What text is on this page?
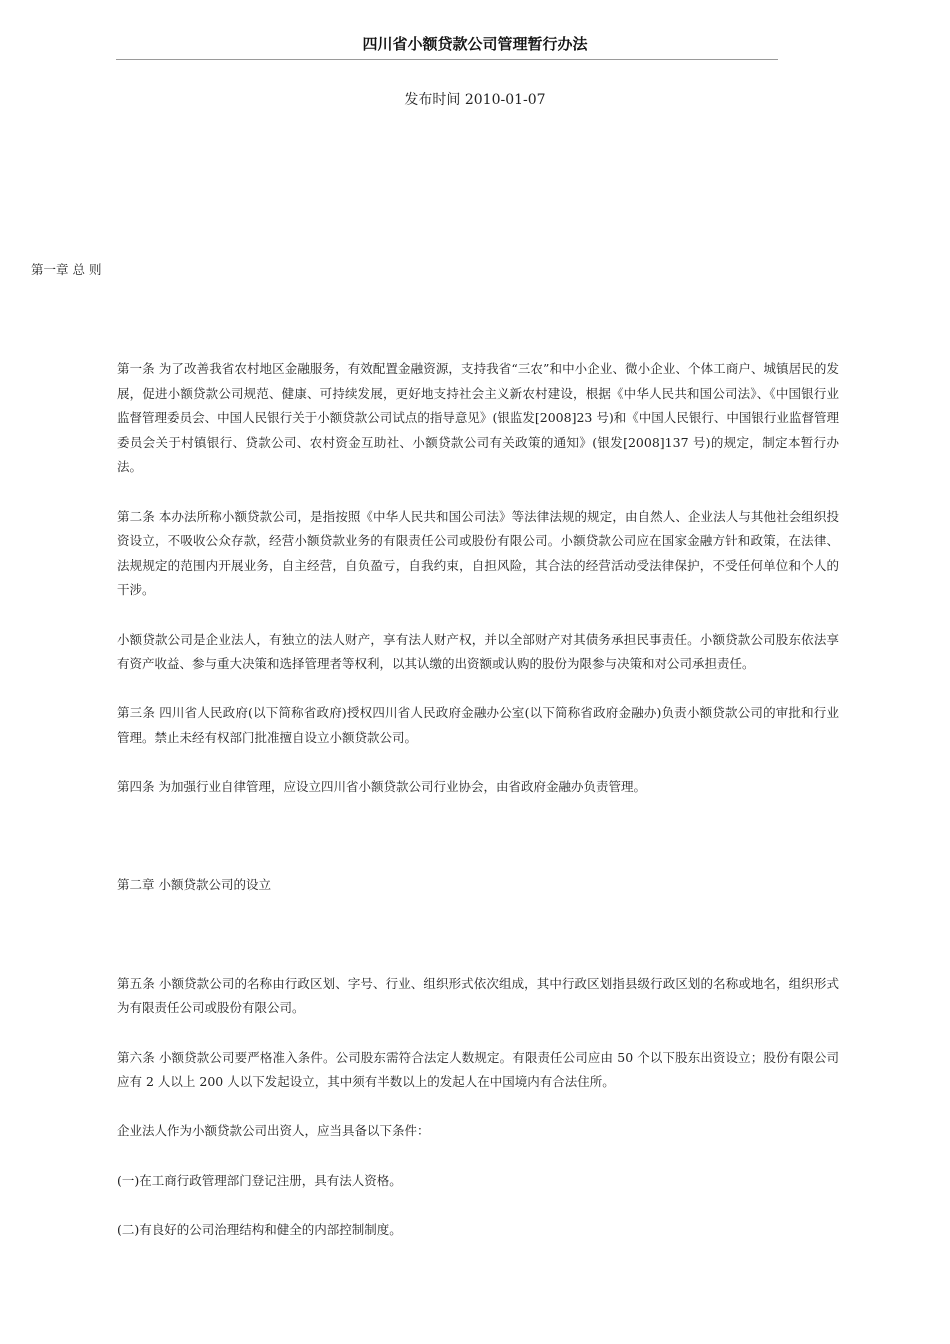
四川省小额贷款公司管理暂行办法
发布时间 2010-01-07
第一章 总 则

第一条 为了改善我省农村地区金融服务，有效配置金融资源，支持我省“三农”和中小企业、微小企业、个体工商户、城镇居民的发展，促进小额贷款公司规范、健康、可持续发展，更好地支持社会主义新农村建设，根据《中华人民共和国公司法》、《中国银行业监督管理委员会、中国人民银行关于小额贷款公司试点的指导意见》(银监发[2008]23 号)和《中国人民银行、中国银行业监督管理委员会关于村镇银行、贷款公司、农村资金互助社、小额贷款公司有关政策的通知》(银发[2008]137 号)的规定，制定本暂行办法。

第二条 本办法所称小额贷款公司，是指按照《中华人民共和国公司法》等法律法规的规定，由自然人、企业法人与其他社会组织投资设立，不吸收公众存款，经营小额贷款业务的有限责任公司或股份有限公司。小额贷款公司应在国家金融方针和政策，在法律、法规规定的范围内开展业务，自主经营，自负盈亏，自我约束，自担风险，其合法的经营活动受法律保护，不受任何单位和个人的干涉。

小额贷款公司是企业法人，有独立的法人财产，享有法人财产权，并以全部财产对其债务承担民事责任。小额贷款公司股东依法享有资产收益、参与重大决策和选择管理者等权利，以其认缴的出资额或认购的股份为限参与决策和对公司承担责任。

第三条 四川省人民政府(以下简称省政府)授权四川省人民政府金融办公室(以下简称省政府金融办)负责小额贷款公司的审批和行业管理。禁止未经有权部门批准擅自设立小额贷款公司。

第四条 为加强行业自律管理，应设立四川省小额贷款公司行业协会，由省政府金融办负责管理。

第二章 小额贷款公司的设立

第五条 小额贷款公司的名称由行政区划、字号、行业、组织形式依次组成，其中行政区划指县级行政区划的名称或地名，组织形式为有限责任公司或股份有限公司。

第六条 小额贷款公司要严格准入条件。公司股东需符合法定人数规定。有限责任公司应由 50 个以下股东出资设立；股份有限公司应有 2 人以上 200 人以下发起设立，其中须有半数以上的发起人在中国境内有合法住所。

企业法人作为小额贷款公司出资人，应当具备以下条件：

(一)在工商行政管理部门登记注册，具有法人资格。

(二)有良好的公司治理结构和健全的内部控制制度。
